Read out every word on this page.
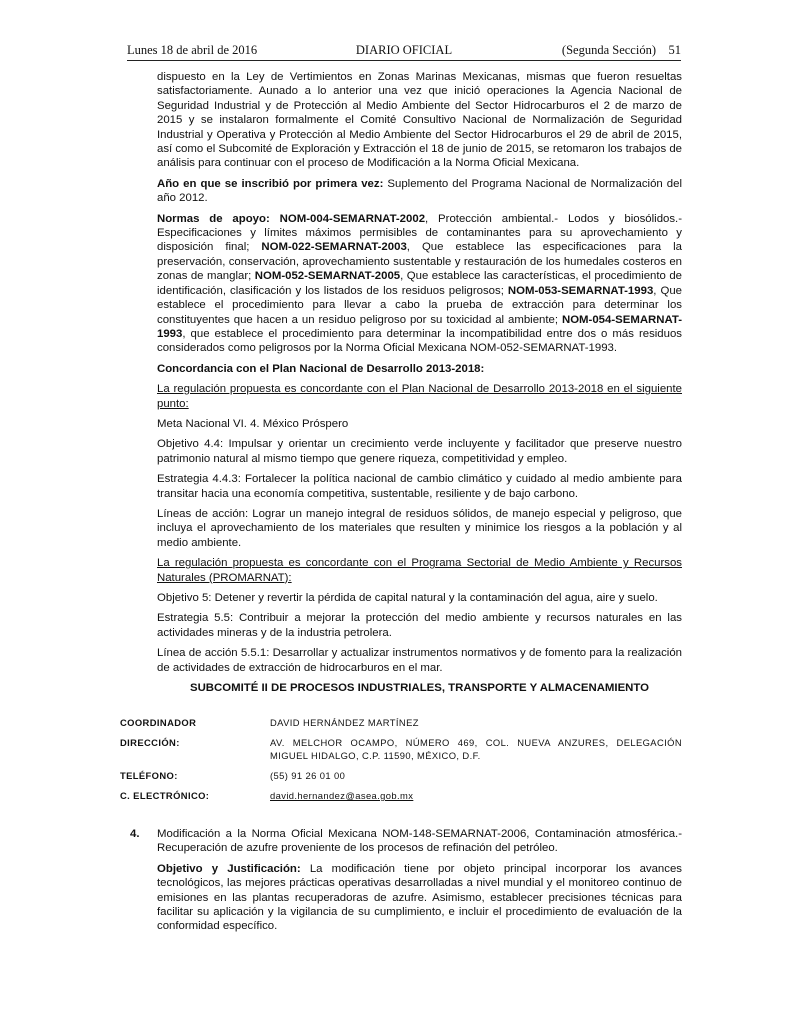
Lunes 18 de abril de 2016	DIARIO OFICIAL	(Segunda Sección) 51

dispuesto en la Ley de Vertimientos en Zonas Marinas Mexicanas, mismas que fueron resueltas satisfactoriamente. Aunado a lo anterior una vez que inició operaciones la Agencia Nacional de Seguridad Industrial y de Protección al Medio Ambiente del Sector Hidrocarburos el 2 de marzo de 2015 y se instalaron formalmente el Comité Consultivo Nacional de Normalización de Seguridad Industrial y Operativa y Protección al Medio Ambiente del Sector Hidrocarburos el 29 de abril de 2015, así como el Subcomité de Exploración y Extracción el 18 de junio de 2015, se retomaron los trabajos de análisis para continuar con el proceso de Modificación a la Norma Oficial Mexicana.

Año en que se inscribió por primera vez: Suplemento del Programa Nacional de Normalización del año 2012.

Normas de apoyo: NOM-004-SEMARNAT-2002, Protección ambiental.- Lodos y biosólidos.- Especificaciones y límites máximos permisibles de contaminantes para su aprovechamiento y disposición final; NOM-022-SEMARNAT-2003, Que establece las especificaciones para la preservación, conservación, aprovechamiento sustentable y restauración de los humedales costeros en zonas de manglar; NOM-052-SEMARNAT-2005, Que establece las características, el procedimiento de identificación, clasificación y los listados de los residuos peligrosos; NOM-053-SEMARNAT-1993, Que establece el procedimiento para llevar a cabo la prueba de extracción para determinar los constituyentes que hacen a un residuo peligroso por su toxicidad al ambiente; NOM-054-SEMARNAT-1993, que establece el procedimiento para determinar la incompatibilidad entre dos o más residuos considerados como peligrosos por la Norma Oficial Mexicana NOM-052-SEMARNAT-1993.

Concordancia con el Plan Nacional de Desarrollo 2013-2018:

La regulación propuesta es concordante con el Plan Nacional de Desarrollo 2013-2018 en el siguiente punto:

Meta Nacional VI. 4. México Próspero

Objetivo 4.4: Impulsar y orientar un crecimiento verde incluyente y facilitador que preserve nuestro patrimonio natural al mismo tiempo que genere riqueza, competitividad y empleo.

Estrategia 4.4.3: Fortalecer la política nacional de cambio climático y cuidado al medio ambiente para transitar hacia una economía competitiva, sustentable, resiliente y de bajo carbono.

Líneas de acción: Lograr un manejo integral de residuos sólidos, de manejo especial y peligroso, que incluya el aprovechamiento de los materiales que resulten y minimice los riesgos a la población y al medio ambiente.

La regulación propuesta es concordante con el Programa Sectorial de Medio Ambiente y Recursos Naturales (PROMARNAT):

Objetivo 5: Detener y revertir la pérdida de capital natural y la contaminación del agua, aire y suelo.

Estrategia 5.5: Contribuir a mejorar la protección del medio ambiente y recursos naturales en las actividades mineras y de la industria petrolera.

Línea de acción 5.5.1: Desarrollar y actualizar instrumentos normativos y de fomento para la realización de actividades de extracción de hidrocarburos en el mar.

SUBCOMITÉ II DE PROCESOS INDUSTRIALES, TRANSPORTE Y ALMACENAMIENTO

COORDINADOR	DAVID HERNÁNDEZ MARTÍNEZ
DIRECCIÓN:	AV. MELCHOR OCAMPO, NÚMERO 469, COL. NUEVA ANZURES, DELEGACIÓN MIGUEL HIDALGO, C.P. 11590, MÉXICO, D.F.
TELÉFONO:	(55) 91 26 01 00
C. ELECTRÓNICO:	david.hernandez@asea.gob.mx
4. Modificación a la Norma Oficial Mexicana NOM-148-SEMARNAT-2006, Contaminación atmosférica.- Recuperación de azufre proveniente de los procesos de refinación del petróleo.

Objetivo y Justificación: La modificación tiene por objeto principal incorporar los avances tecnológicos, las mejores prácticas operativas desarrolladas a nivel mundial y el monitoreo continuo de emisiones en las plantas recuperadoras de azufre. Asimismo, establecer precisiones técnicas para facilitar su aplicación y la vigilancia de su cumplimiento, e incluir el procedimiento de evaluación de la conformidad específico.
